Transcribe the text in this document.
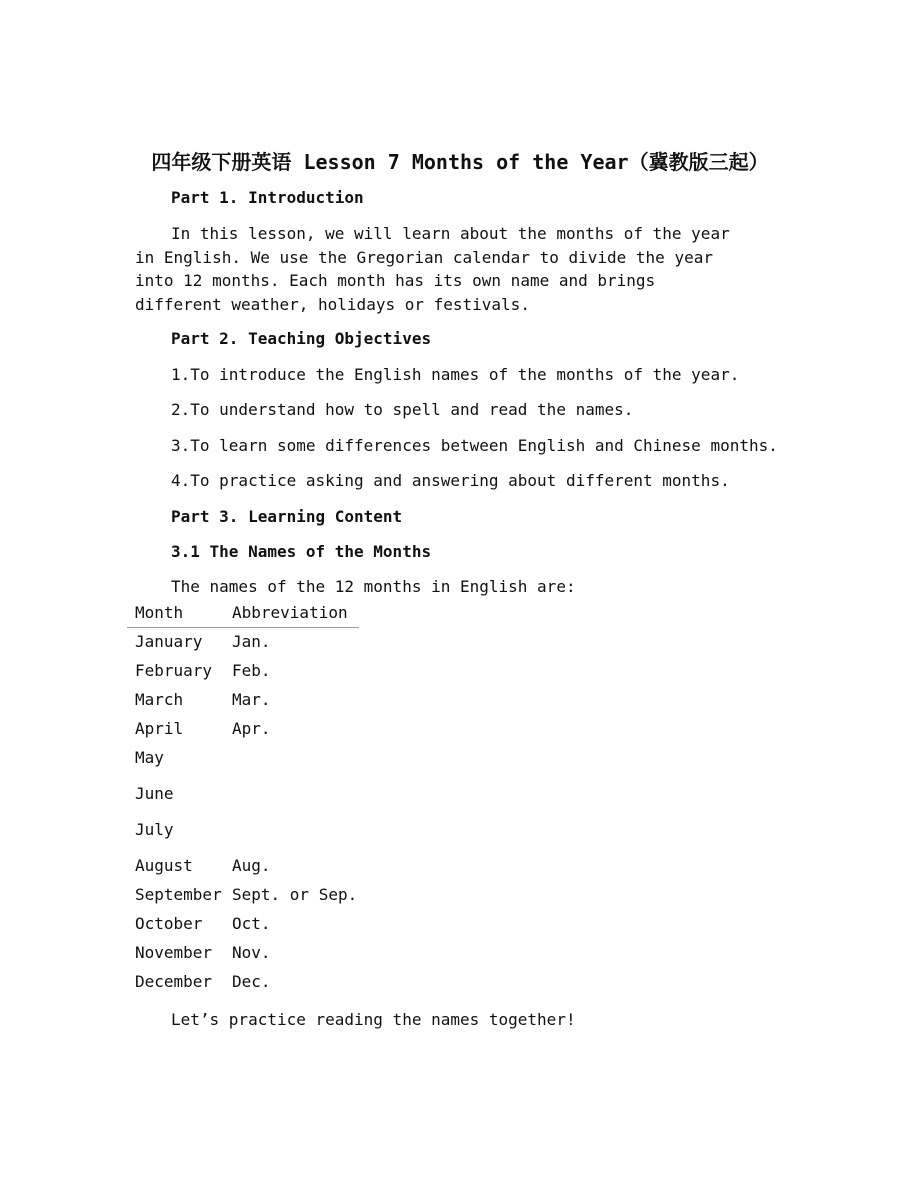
四年级下册英语 Lesson 7 Months of the Year（冀教版三起）
Part 1. Introduction

In this lesson, we will learn about the months of the year in English. We use the Gregorian calendar to divide the year into 12 months. Each month has its own name and brings different weather, holidays or festivals.

Part 2. Teaching Objectives
1.To introduce the English names of the months of the year.
2.To understand how to spell and read the names.
3.To learn some differences between English and Chinese months.
4.To practice asking and answering about different months.
Part 3. Learning Content
3.1 The Names of the Months
The names of the 12 months in English are:
Month	Abbreviation
January Jan.
February Feb.
March	Mar.
April	Apr.
May
June
July
August Aug.
September Sept. or Sep.
October Oct.
November Nov.
December Dec.
Let’s practice reading the names together!
